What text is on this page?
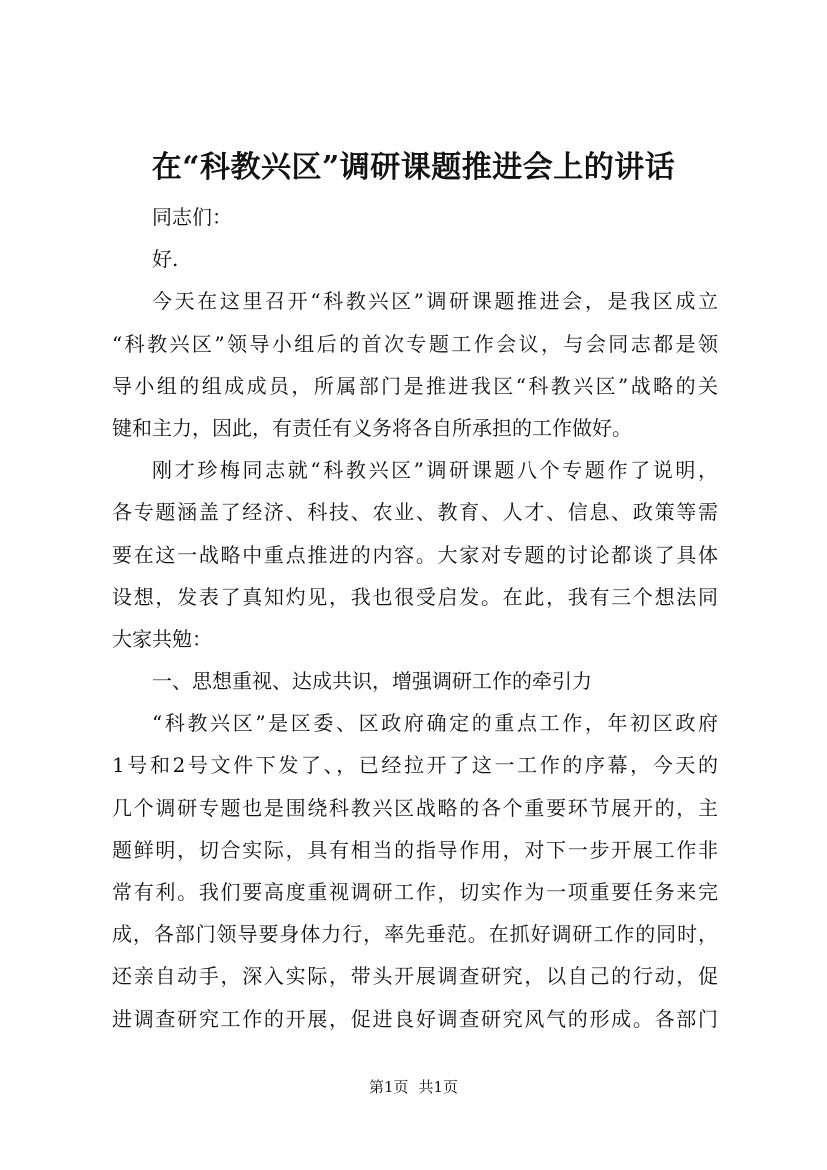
在“科教兴区”调研课题推进会上的讲话
同志们：
好.
今天在这里召开“科教兴区”调研课题推进会，是我区成立
“科教兴区”领导小组后的首次专题工作会议，与会同志都是领
导小组的组成成员，所属部门是推进我区“科教兴区”战略的关
键和主力，因此，有责任有义务将各自所承担的工作做好。
刚才珍梅同志就“科教兴区”调研课题八个专题作了说明，
各专题涵盖了经济、科技、农业、教育、人才、信息、政策等需
要在这一战略中重点推进的内容。大家对专题的讨论都谈了具体
设想，发表了真知灼见，我也很受启发。在此，我有三个想法同
大家共勉：
一、思想重视、达成共识，增强调研工作的牵引力
“科教兴区”是区委、区政府确定的重点工作，年初区政府
1号和2号文件下发了、，已经拉开了这一工作的序幕，今天的
几个调研专题也是围绕科教兴区战略的各个重要环节展开的，主
题鲜明，切合实际，具有相当的指导作用，对下一步开展工作非
常有利。我们要高度重视调研工作，切实作为一项重要任务来完
成，各部门领导要身体力行，率先垂范。在抓好调研工作的同时，
还亲自动手，深入实际，带头开展调查研究，以自己的行动，促
进调查研究工作的开展，促进良好调查研究风气的形成。各部门
第1页 共1页
